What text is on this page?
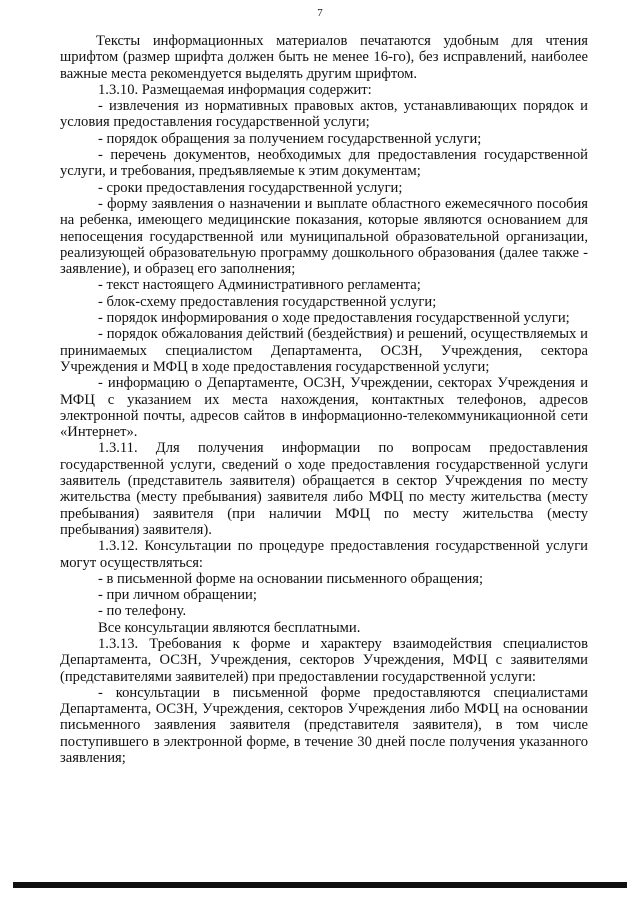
7

Тексты информационных материалов печатаются удобным для чтения шрифтом (размер шрифта должен быть не менее 16-го), без исправлений, наиболее важные места рекомендуется выделять другим шрифтом.

1.3.10. Размещаемая информация содержит:

- извлечения из нормативных правовых актов, устанавливающих порядок и условия предоставления государственной услуги;

- порядок обращения за получением государственной услуги;

- перечень документов, необходимых для предоставления государственной услуги, и требования, предъявляемые к этим документам;

- сроки предоставления государственной услуги;

- форму заявления о назначении и выплате областного ежемесячного пособия на ребенка, имеющего медицинские показания, которые являются основанием для непосещения государственной или муниципальной образовательной организации, реализующей образовательную программу дошкольного образования (далее также - заявление), и образец его заполнения;

- текст настоящего Административного регламента;

- блок-схему предоставления государственной услуги;

- порядок информирования о ходе предоставления государственной услуги;

- порядок обжалования действий (бездействия) и решений, осуществляемых и принимаемых специалистом Департамента, ОСЗН, Учреждения, сектора Учреждения и МФЦ в ходе предоставления государственной услуги;

- информацию о Департаменте, ОСЗН, Учреждении, секторах Учреждения и МФЦ с указанием их места нахождения, контактных телефонов, адресов электронной почты, адресов сайтов в информационно-телекоммуникационной сети «Интернет».

1.3.11. Для получения информации по вопросам предоставления государственной услуги, сведений о ходе предоставления государственной услуги заявитель (представитель заявителя) обращается в сектор Учреждения по месту жительства (месту пребывания) заявителя либо МФЦ по месту жительства (месту пребывания) заявителя (при наличии МФЦ по месту жительства (месту пребывания) заявителя).

1.3.12. Консультации по процедуре предоставления государственной услуги могут осуществляться:

- в письменной форме на основании письменного обращения;

- при личном обращении;

- по телефону.

Все консультации являются бесплатными.

1.3.13. Требования к форме и характеру взаимодействия специалистов Департамента, ОСЗН, Учреждения, секторов Учреждения, МФЦ с заявителями (представителями заявителей) при предоставлении государственной услуги:

- консультации в письменной форме предоставляются специалистами Департамента, ОСЗН, Учреждения, секторов Учреждения либо МФЦ на основании письменного заявления заявителя (представителя заявителя), в том числе поступившего в электронной форме, в течение 30 дней после получения указанного заявления;
